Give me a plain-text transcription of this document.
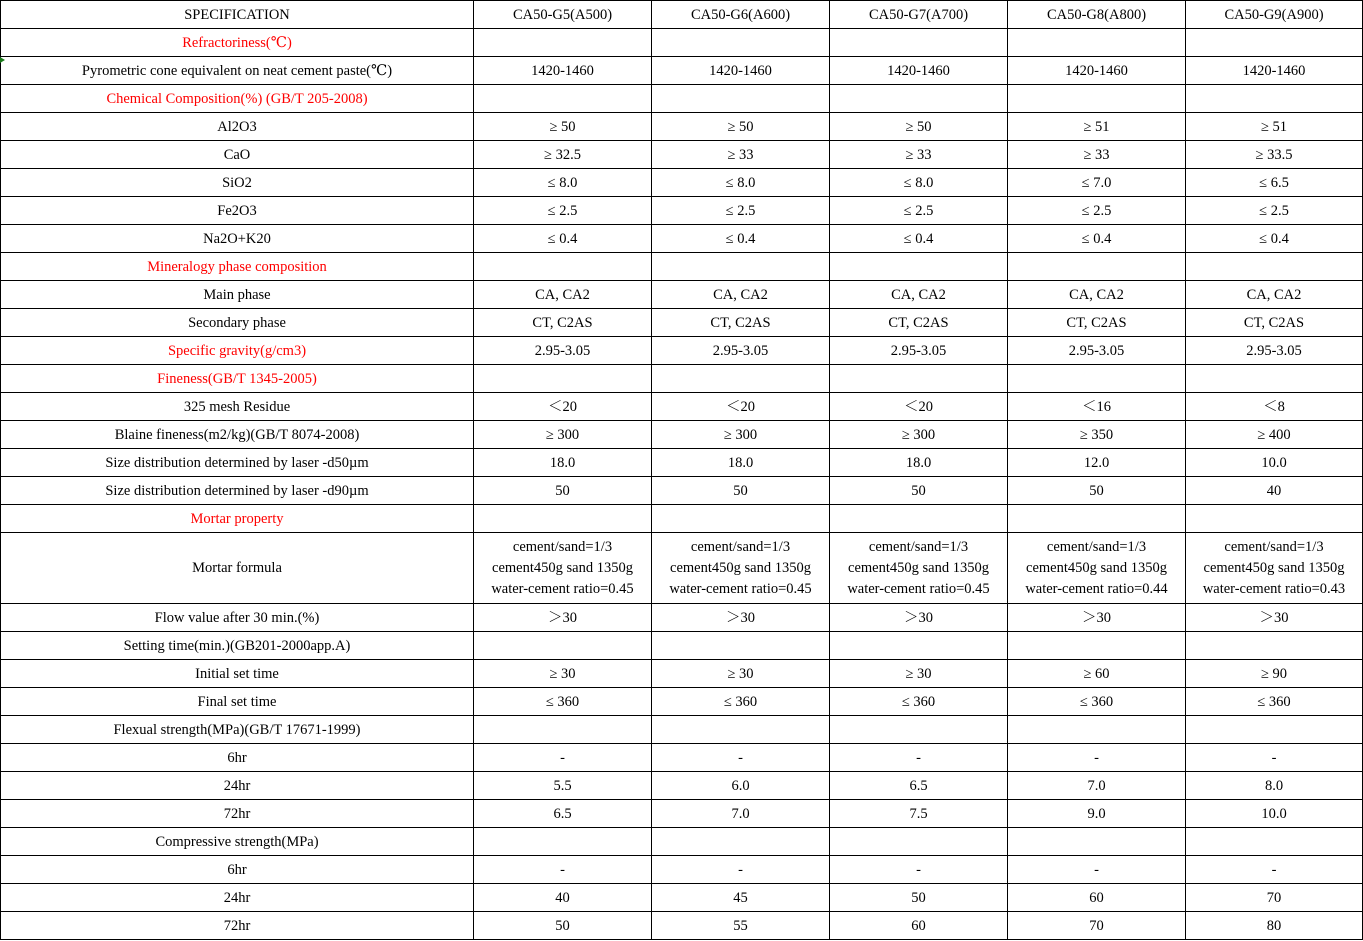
SPECIFICATION	CA50-G5(A500)	CA50-G6(A600)	CA50-G7(A700)	CA50-G8(A800)	CA50-G9(A900)
Refractoriness(℃)					
Pyrometric cone equivalent on neat cement paste(℃)	1420-1460	1420-1460	1420-1460	1420-1460	1420-1460
Chemical Composition(%) (GB/T 205-2008)					
Al2O3	≥ 50	≥ 50	≥ 50	≥ 51	≥ 51
CaO	≥ 32.5	≥ 33	≥ 33	≥ 33	≥ 33.5
SiO2	≤ 8.0	≤ 8.0	≤ 8.0	≤ 7.0	≤ 6.5
Fe2O3	≤ 2.5	≤ 2.5	≤ 2.5	≤ 2.5	≤ 2.5
Na2O+K20	≤ 0.4	≤ 0.4	≤ 0.4	≤ 0.4	≤ 0.4
Mineralogy phase composition					
Main phase	CA, CA2	CA, CA2	CA, CA2	CA, CA2	CA, CA2
Secondary phase	CT, C2AS	CT, C2AS	CT, C2AS	CT, C2AS	CT, C2AS
Specific gravity(g/cm3)	2.95-3.05	2.95-3.05	2.95-3.05	2.95-3.05	2.95-3.05
Fineness(GB/T 1345-2005)					
325 mesh Residue	＜20	＜20	＜20	＜16	＜8
Blaine fineness(m2/kg)(GB/T 8074-2008)	≥ 300	≥ 300	≥ 300	≥ 350	≥ 400
Size distribution determined by laser -d50µm	18.0	18.0	18.0	12.0	10.0
Size distribution determined by laser -d90µm	50	50	50	50	40
Mortar property					
Mortar formula	cement/sand=1/3
cement450g sand 1350g
water-cement ratio=0.45	cement/sand=1/3
cement450g sand 1350g
water-cement ratio=0.45	cement/sand=1/3
cement450g sand 1350g
water-cement ratio=0.45	cement/sand=1/3
cement450g sand 1350g
water-cement ratio=0.44	cement/sand=1/3
cement450g sand 1350g
water-cement ratio=0.43
Flow value after 30 min.(%)	＞30	＞30	＞30	＞30	＞30
Setting time(min.)(GB201-2000app.A)					
Initial set time	≥ 30	≥ 30	≥ 30	≥ 60	≥ 90
Final set time	≤ 360	≤ 360	≤ 360	≤ 360	≤ 360
Flexual strength(MPa)(GB/T 17671-1999)					
6hr	-	-	-	-	-
24hr	5.5	6.0	6.5	7.0	8.0
72hr	6.5	7.0	7.5	9.0	10.0
Compressive strength(MPa)					
6hr	-	-	-	-	-
24hr	40	45	50	60	70
72hr	50	55	60	70	80
